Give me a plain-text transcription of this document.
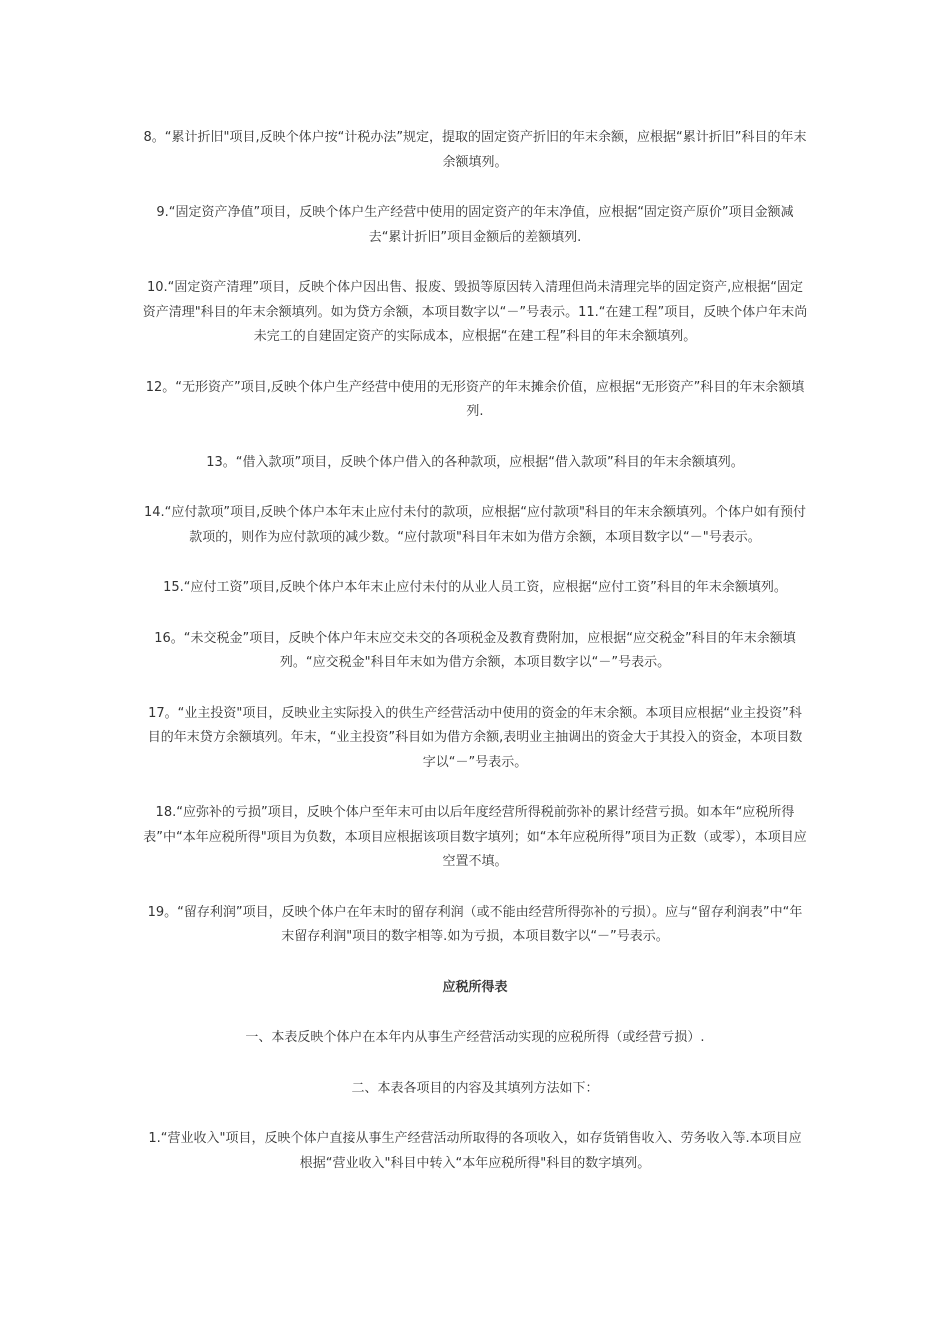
8。“累计折旧"项目,反映个体户按“计税办法”规定，提取的固定资产折旧的年末余额，应根据“累计折旧”科目的年末余额填列。

9.“固定资产净值”项目，反映个体户生产经营中使用的固定资产的年末净值，应根据“固定资产原价”项目金额减去“累计折旧”项目金额后的差额填列.

10.“固定资产清理”项目，反映个体户因出售、报废、毁损等原因转入清理但尚未清理完毕的固定资产,应根据“固定资产清理"科目的年末余额填列。如为贷方余额，本项目数字以“－”号表示。11.“在建工程”项目，反映个体户年末尚未完工的自建固定资产的实际成本，应根据“在建工程”科目的年末余额填列。

12。“无形资产”项目,反映个体户生产经营中使用的无形资产的年末摊余价值，应根据“无形资产”科目的年末余额填列.

13。“借入款项”项目，反映个体户借入的各种款项，应根据“借入款项”科目的年末余额填列。

14.“应付款项”项目,反映个体户本年末止应付未付的款项，应根据“应付款项"科目的年末余额填列。个体户如有预付款项的，则作为应付款项的减少数。“应付款项"科目年末如为借方余额，本项目数字以“－"号表示。

15.“应付工资”项目,反映个体户本年末止应付未付的从业人员工资，应根据“应付工资”科目的年末余额填列。

16。“未交税金”项目，反映个体户年末应交未交的各项税金及教育费附加，应根据“应交税金”科目的年末余额填列。“应交税金"科目年末如为借方余额，本项目数字以“－”号表示。

17。“业主投资"项目，反映业主实际投入的供生产经营活动中使用的资金的年末余额。本项目应根据“业主投资”科目的年末贷方余额填列。年末，“业主投资”科目如为借方余额,表明业主抽调出的资金大于其投入的资金，本项目数字以“－”号表示。

18.“应弥补的亏损”项目，反映个体户至年末可由以后年度经营所得税前弥补的累计经营亏损。如本年“应税所得表”中“本年应税所得"项目为负数，本项目应根据该项目数字填列；如“本年应税所得”项目为正数（或零），本项目应空置不填。

19。“留存利润”项目，反映个体户在年末时的留存利润（或不能由经营所得弥补的亏损）。应与“留存利润表”中“年末留存利润"项目的数字相等.如为亏损，本项目数字以“－”号表示。

应税所得表

一、本表反映个体户在本年内从事生产经营活动实现的应税所得（或经营亏损）.

二、本表各项目的内容及其填列方法如下：

1.“营业收入"项目，反映个体户直接从事生产经营活动所取得的各项收入，如存货销售收入、劳务收入等.本项目应根据“营业收入"科目中转入“本年应税所得"科目的数字填列。
